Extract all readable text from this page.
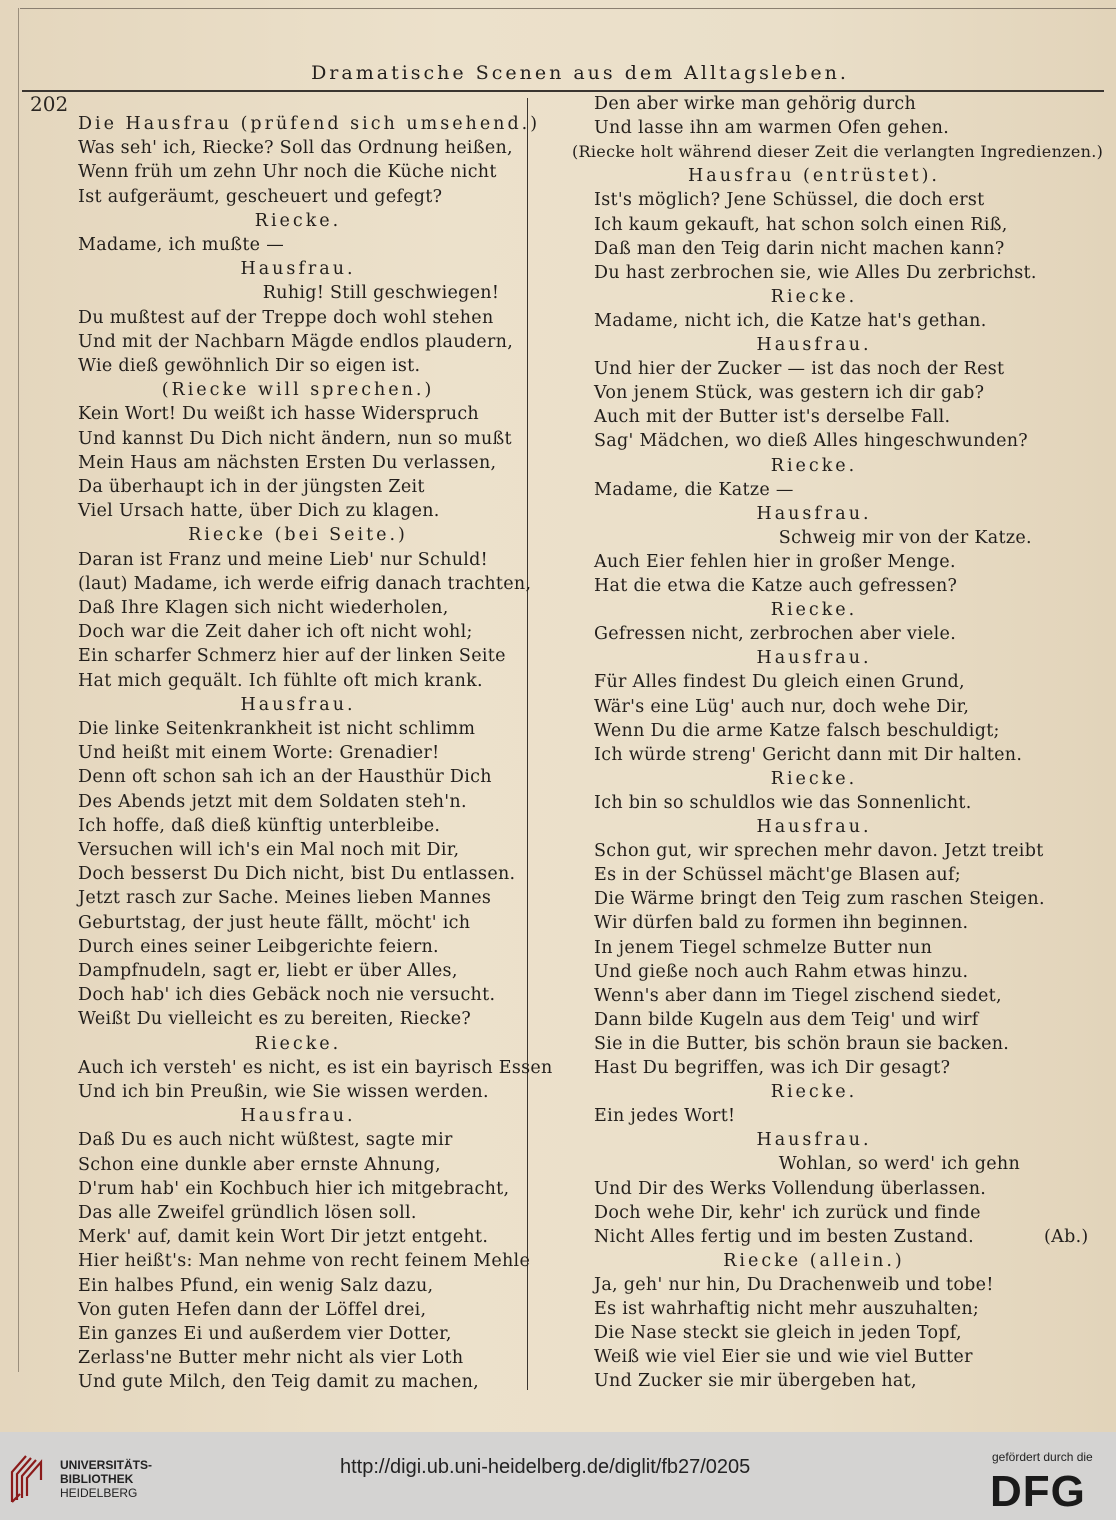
202
Dramatische Scenen aus dem Alltagsleben.
Die Hausfrau (prüfend sich umsehend.)
Was seh' ich, Riecke? Soll das Ordnung heißen,
Wenn früh um zehn Uhr noch die Küche nicht
Ist aufgeräumt, gescheuert und gefegt?
Riecke.
Madame, ich mußte —
Hausfrau.
Ruhig! Still geschwiegen!
Du mußtest auf der Treppe doch wohl stehen
Und mit der Nachbarn Mägde endlos plaudern,
Wie dieß gewöhnlich Dir so eigen ist.
(Riecke will sprechen.)
Kein Wort! Du weißt ich hasse Widerspruch
Und kannst Du Dich nicht ändern, nun so mußt
Mein Haus am nächsten Ersten Du verlassen,
Da überhaupt ich in der jüngsten Zeit
Viel Ursach hatte, über Dich zu klagen.
Riecke (bei Seite.)
Daran ist Franz und meine Lieb' nur Schuld!
(laut) Madame, ich werde eifrig danach trachten,
Daß Ihre Klagen sich nicht wiederholen,
Doch war die Zeit daher ich oft nicht wohl;
Ein scharfer Schmerz hier auf der linken Seite
Hat mich gequält. Ich fühlte oft mich krank.
Hausfrau.
Die linke Seitenkrankheit ist nicht schlimm
Und heißt mit einem Worte: Grenadier!
Denn oft schon sah ich an der Hausthür Dich
Des Abends jetzt mit dem Soldaten steh'n.
Ich hoffe, daß dieß künftig unterbleibe.
Versuchen will ich's ein Mal noch mit Dir,
Doch besserst Du Dich nicht, bist Du entlassen.
Jetzt rasch zur Sache. Meines lieben Mannes
Geburtstag, der just heute fällt, möcht' ich
Durch eines seiner Leibgerichte feiern.
Dampfnudeln, sagt er, liebt er über Alles,
Doch hab' ich dies Gebäck noch nie versucht.
Weißt Du vielleicht es zu bereiten, Riecke?
Riecke.
Auch ich versteh' es nicht, es ist ein bayrisch Essen
Und ich bin Preußin, wie Sie wissen werden.
Hausfrau.
Daß Du es auch nicht wüßtest, sagte mir
Schon eine dunkle aber ernste Ahnung,
D'rum hab' ein Kochbuch hier ich mitgebracht,
Das alle Zweifel gründlich lösen soll.
Merk' auf, damit kein Wort Dir jetzt entgeht.
Hier heißt's: Man nehme von recht feinem Mehle
Ein halbes Pfund, ein wenig Salz dazu,
Von guten Hefen dann der Löffel drei,
Ein ganzes Ei und außerdem vier Dotter,
Zerlass'ne Butter mehr nicht als vier Loth
Und gute Milch, den Teig damit zu machen,
Den aber wirke man gehörig durch
Und lasse ihn am warmen Ofen gehen.
(Riecke holt während dieser Zeit die verlangten Ingredienzen.)
Hausfrau (entrüstet).
Ist's möglich? Jene Schüssel, die doch erst
Ich kaum gekauft, hat schon solch einen Riß,
Daß man den Teig darin nicht machen kann?
Du hast zerbrochen sie, wie Alles Du zerbrichst.
Riecke.
Madame, nicht ich, die Katze hat's gethan.
Hausfrau.
Und hier der Zucker — ist das noch der Rest
Von jenem Stück, was gestern ich dir gab?
Auch mit der Butter ist's derselbe Fall.
Sag' Mädchen, wo dieß Alles hingeschwunden?
Riecke.
Madame, die Katze —
Hausfrau.
Schweig mir von der Katze.
Auch Eier fehlen hier in großer Menge.
Hat die etwa die Katze auch gefressen?
Riecke.
Gefressen nicht, zerbrochen aber viele.
Hausfrau.
Für Alles findest Du gleich einen Grund,
Wär's eine Lüg' auch nur, doch wehe Dir,
Wenn Du die arme Katze falsch beschuldigt;
Ich würde streng' Gericht dann mit Dir halten.
Riecke.
Ich bin so schuldlos wie das Sonnenlicht.
Hausfrau.
Schon gut, wir sprechen mehr davon. Jetzt treibt
Es in der Schüssel mächt'ge Blasen auf;
Die Wärme bringt den Teig zum raschen Steigen.
Wir dürfen bald zu formen ihn beginnen.
In jenem Tiegel schmelze Butter nun
Und gieße noch auch Rahm etwas hinzu.
Wenn's aber dann im Tiegel zischend siedet,
Dann bilde Kugeln aus dem Teig' und wirf
Sie in die Butter, bis schön braun sie backen.
Hast Du begriffen, was ich Dir gesagt?
Riecke.
Ein jedes Wort!
Hausfrau.
Wohlan, so werd' ich gehn
Und Dir des Werks Vollendung überlassen.
Doch wehe Dir, kehr' ich zurück und finde
Nicht Alles fertig und im besten Zustand.	(Ab.)
Riecke (allein.)
Ja, geh' nur hin, Du Drachenweib und tobe!
Es ist wahrhaftig nicht mehr auszuhalten;
Die Nase steckt sie gleich in jeden Topf,
Weiß wie viel Eier sie und wie viel Butter
Und Zucker sie mir übergeben hat,
UNIVERSITÄTS-
BIBLIOTHEK
HEIDELBERG
http://digi.ub.uni-heidelberg.de/diglit/fb27/0205	gefördert durch die
DFG
